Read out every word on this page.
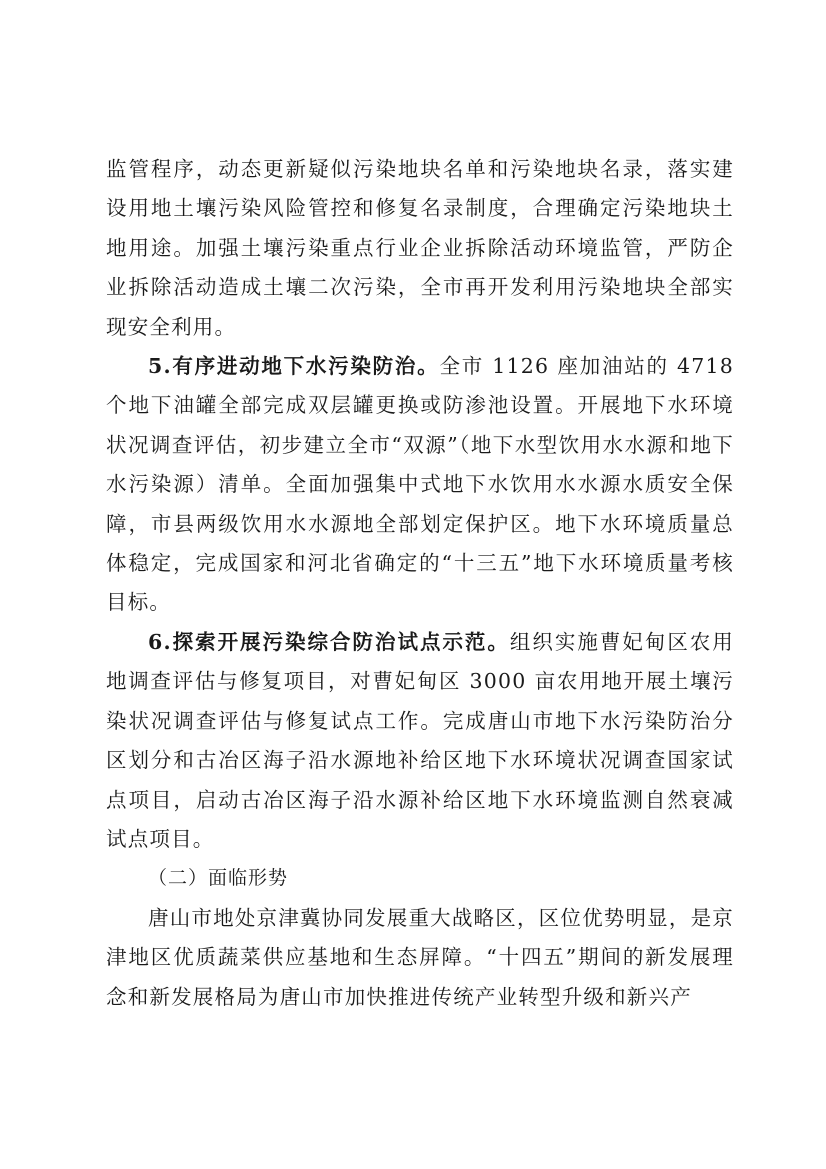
监管程序，动态更新疑似污染地块名单和污染地块名录，落实建设用地土壤污染风险管控和修复名录制度，合理确定污染地块土地用途。加强土壤污染重点行业企业拆除活动环境监管，严防企业拆除活动造成土壤二次污染，全市再开发利用污染地块全部实现安全利用。

5.有序进动地下水污染防治。全市 1126 座加油站的 4718 个地下油罐全部完成双层罐更换或防渗池设置。开展地下水环境状况调查评估，初步建立全市“双源”（地下水型饮用水水源和地下水污染源）清单。全面加强集中式地下水饮用水水源水质安全保障，市县两级饮用水水源地全部划定保护区。地下水环境质量总体稳定，完成国家和河北省确定的“十三五”地下水环境质量考核目标。

6.探索开展污染综合防治试点示范。组织实施曹妃甸区农用地调查评估与修复项目，对曹妃甸区 3000 亩农用地开展土壤污染状况调查评估与修复试点工作。完成唐山市地下水污染防治分区划分和古冶区海子沿水源地补给区地下水环境状况调查国家试点项目，启动古冶区海子沿水源补给区地下水环境监测自然衰减试点项目。

（二）面临形势

唐山市地处京津冀协同发展重大战略区，区位优势明显，是京津地区优质蔬菜供应基地和生态屏障。“十四五”期间的新发展理念和新发展格局为唐山市加快推进传统产业转型升级和新兴产
